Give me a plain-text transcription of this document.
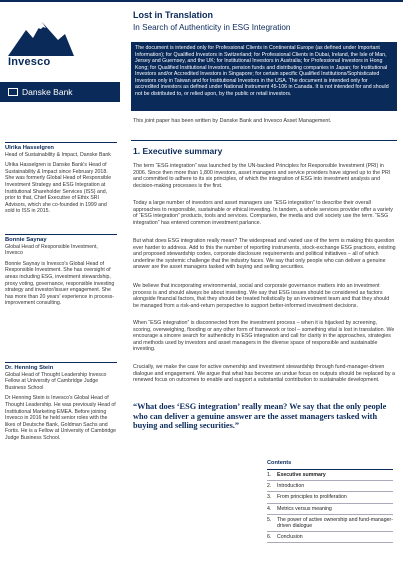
Invesco
Danske Bank
Lost in Translation
In Search of Authenticity in ESG Integration
The document is intended only for Professional Clients in Continental Europe (as defined under Important Information); for Qualified Investors in Switzerland; for Professional Clients in Dubai, Ireland, the Isle of Man, Jersey and Guernsey, and the UK; for Institutional Investors in Australia; for Professional Investors in Hong Kong; for Qualified Institutional Investors, pension funds and distributing companies in Japan; for Institutional Investors and/or Accredited Investors in Singapore; for certain specific Qualified Institutions/Sophisticated Investors only in Taiwan and for Institutional Investors in the USA. The document is intended only for accredited investors as defined under National Instrument 45-106 in Canada. It is not intended for and should not be distributed to, or relied upon, by the public or retail investors.
This joint paper has been written by Danske Bank and Invesco Asset Management.
Ulrika Hasselgren
Head of Sustainability & Impact, Danske Bank
Ulrika Hasselgren is Danske Bank's Head of Sustainability & Impact since February 2018. She was formerly Global Head of Responsible Investment Strategy and ESG Integration at Institutional Shareholder Services (ISS) and, prior to that, Chief Executive of Ethix SRI Advisors, which she co-founded in 1999 and sold to ISS in 2015.
Bonnie Saynay
Global Head of Responsible Investment, Invesco
Bonnie Saynay is Invesco's Global Head of Responsible Investment. She has oversight of areas including ESG, investment stewardship, proxy voting, governance, responsible investing strategy and investor/issuer engagement. She has more than 20 years' experience in process-improvement consulting.
Dr. Henning Stein
Global Head of Thought Leadership Invesco Fellow at University of Cambridge Judge Business School
Dr Henning Stein is Invesco's Global Head of Thought Leadership. He was previously Head of Institutional Marketing EMEA. Before joining Invesco in 2016 he held senior roles with the likes of Deutsche Bank, Goldman Sachs and Fortis. He is a Fellow at University of Cambridge Judge Business School.
1. Executive summary
The term “ESG integration” was launched by the UN-backed Principles for Responsible Investment (PRI) in 2006. Since then more than 1,800 investors, asset managers and service providers have signed up to the PRI and committed to adhere to its six principles, of which the integration of ESG into investment analysis and decision-making processes is the first.
Today a large number of investors and asset managers use “ESG integration” to describe their overall approaches to responsible, sustainable or ethical investing. In tandem, a whole services provider offer a variety of “ESG integration” products, tools and services. Companies, the media and civil society use the term. “ESG integration” has entered common investment parlance.
But what does ESG integration really mean? The widespread and varied use of the term is making this question ever harder to address. Add to this the number of reporting instruments, stock-exchange ESG practices, existing and proposed stewardship codes, corporate disclosure requirements and political initiatives – all of which underline the systemic challenge that the industry faces. We say that only people who can deliver a genuine answer are the asset managers tasked with buying and selling securities.
We believe that incorporating environmental, social and corporate governance matters into an investment process is and should always be about investing. We say that ESG issues should be considered as factors alongside financial factors, that they should be treated holistically by an investment team and that they should be managed from a risk-and-return perspective to support better-informed investment decisions.
When “ESG integration” is disconnected from the investment process – when it is hijacked by screening, scoring, overweighing, flooding or any other form of framework or tool – something vital is lost in translation. We encourage a sincere search for authenticity in ESG integration and call for clarity in the approaches, strategies and methods used by investors and asset managers in the diverse space of responsible and sustainable investing.
Crucially, we make the case for active ownership and investment stewardship through fund-manager-driven dialogue and engagement. We argue that what has become an undue focus on outputs should be replaced by a renewed focus on outcomes to enable and support a substantial contribution to sustainable development.
“What does ‘ESG integration’ really mean? We say that the only people who can deliver a genuine answer are the asset managers tasked with buying and selling securities.”
Contents
1.	Executive summary
2.	Introduction
3.	From principles to proliferation
4.	Metrics versus meaning
5.	The power of active ownership and fund-manager-driven dialogue
6.	Conclusion
